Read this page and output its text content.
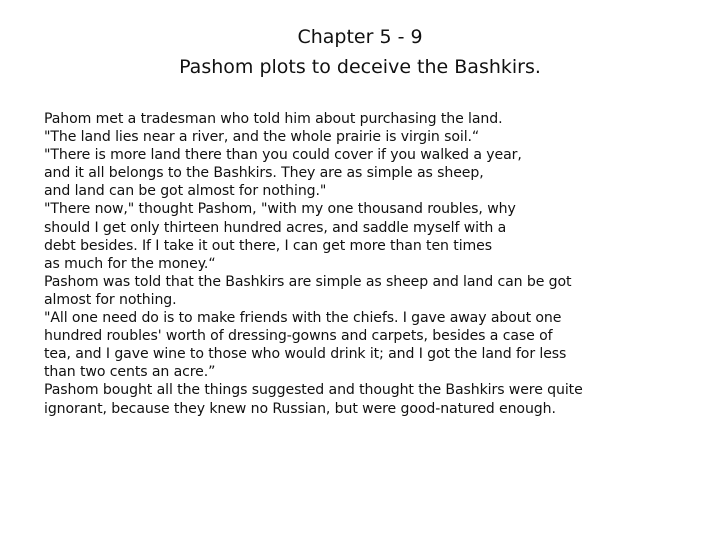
Chapter 5 - 9
Pashom plots to deceive the Bashkirs.

Pahom met a tradesman who told him about purchasing the land.

"The land lies near a river, and the whole prairie is virgin soil.“

"There is more land there than you could cover if you walked a year,
and it all belongs to the Bashkirs. They are as simple as sheep,
and land can be got almost for nothing."

"There now," thought Pashom, "with my one thousand roubles, why
should I get only thirteen hundred acres, and saddle myself with a
debt besides. If I take it out there, I can get more than ten times
as much for the money.“

Pashom was told that the Bashkirs are simple as sheep and land can be got
almost for nothing.

"All one need do is to make friends with the chiefs. I gave away about one
hundred roubles' worth of dressing-gowns and carpets, besides a case of
tea, and I gave wine to those who would drink it; and I got the land for less
than two cents an acre.”

Pashom bought all the things suggested and thought the Bashkirs were quite
ignorant, because they knew no Russian, but were good-natured enough.
